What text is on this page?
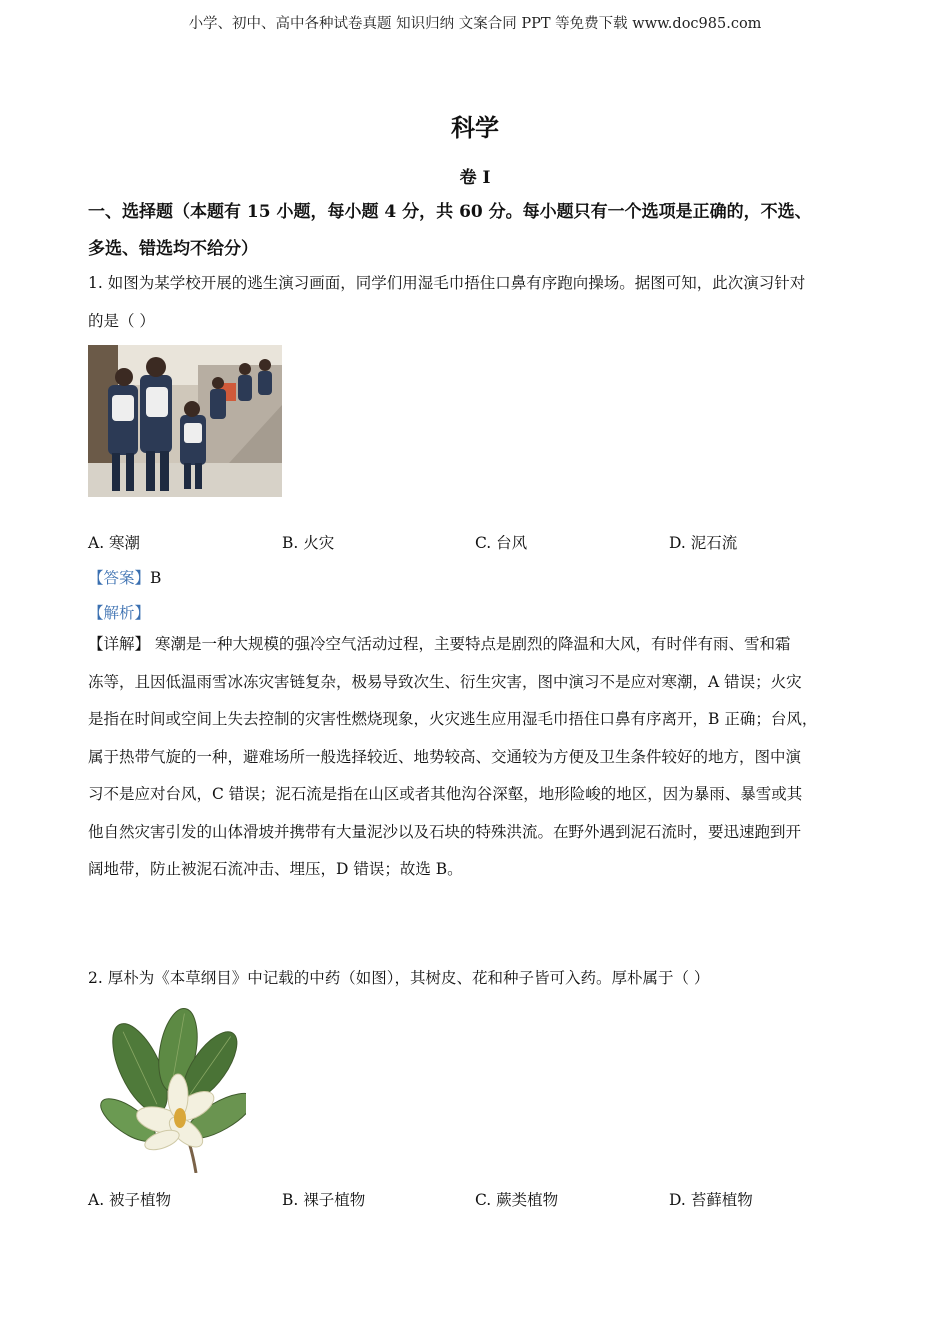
小学、初中、高中各种试卷真题 知识归纳 文案合同 PPT 等免费下载 www.doc985.com
科学
卷 I
一、选择题（本题有 15 小题，每小题 4 分，共 60 分。每小题只有一个选项是正确的，不选、
多选、错选均不给分）
1. 如图为某学校开展的逃生演习画面，同学们用湿毛巾捂住口鼻有序跑向操场。据图可知，此次演习针对
的是（ ）
A. 寒潮	B. 火灾	C. 台风	D. 泥石流
【答案】B
【解析】
【详解】 寒潮是一种大规模的强冷空气活动过程，主要特点是剧烈的降温和大风，有时伴有雨、雪和霜
冻等，且因低温雨雪冰冻灾害链复杂，极易导致次生、衍生灾害，图中演习不是应对寒潮，A 错误；火灾
是指在时间或空间上失去控制的灾害性燃烧现象，火灾逃生应用湿毛巾捂住口鼻有序离开，B 正确；台风，
属于热带气旋的一种，避难场所一般选择较近、地势较高、交通较为方便及卫生条件较好的地方，图中演
习不是应对台风，C 错误；泥石流是指在山区或者其他沟谷深壑，地形险峻的地区，因为暴雨、暴雪或其
他自然灾害引发的山体滑坡并携带有大量泥沙以及石块的特殊洪流。在野外遇到泥石流时，要迅速跑到开
阔地带，防止被泥石流冲击、埋压，D 错误；故选 B。
2. 厚朴为《本草纲目》中记载的中药（如图），其树皮、花和种子皆可入药。厚朴属于（ ）
A. 被子植物	B. 裸子植物	C. 蕨类植物	D. 苔藓植物
